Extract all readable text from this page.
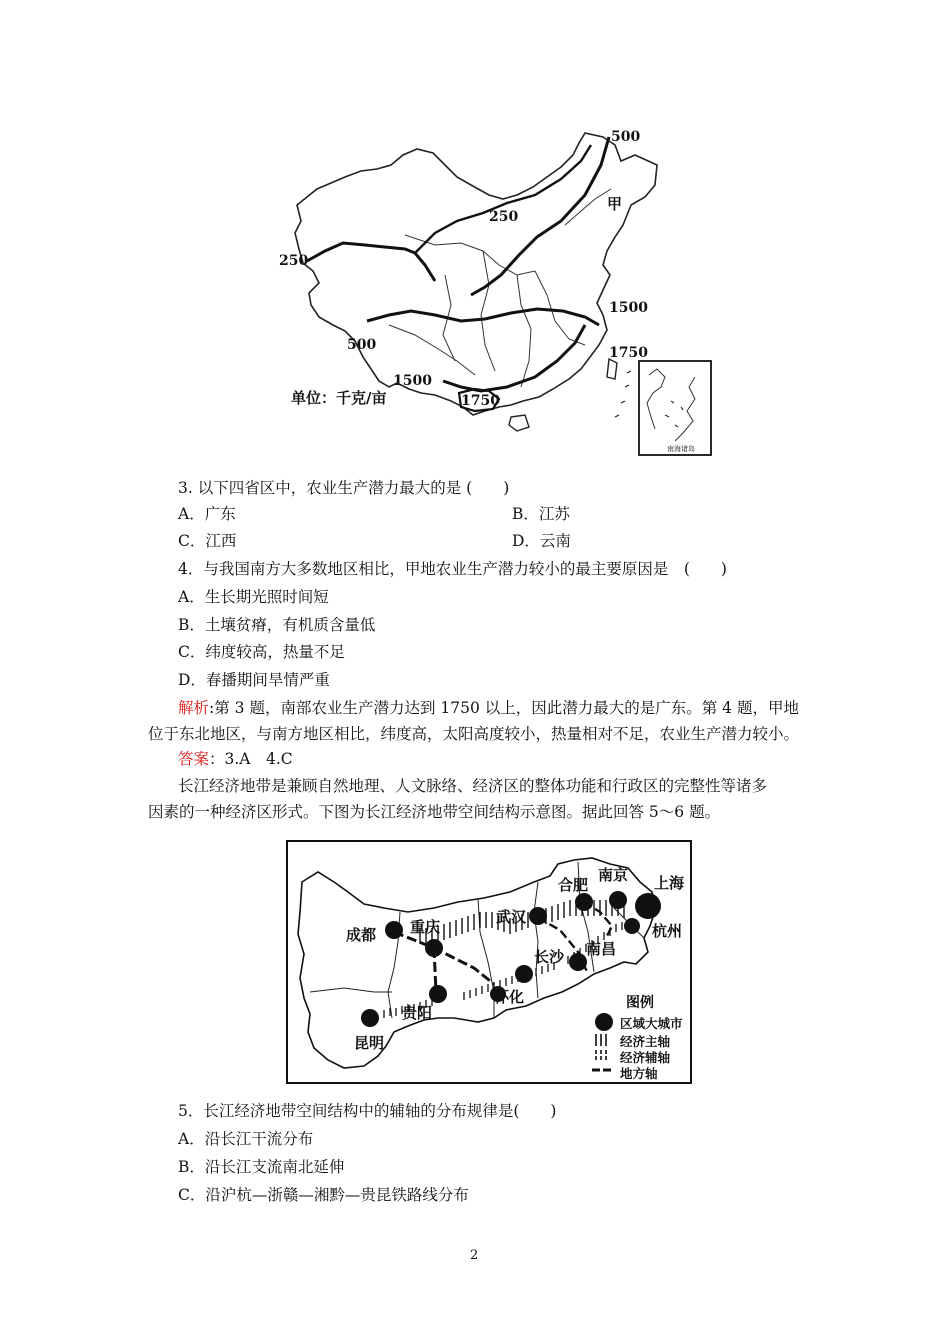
500
250
250
500
1500
1500
1750
1750
甲
单位：千克/亩
南海诸岛
3. 以下四省区中，农业生产潜力最大的是 (　　)
A．广东	B．江苏
C．江西	D．云南
4．与我国南方大多数地区相比，甲地农业生产潜力较小的最主要原因是　(　　)
A．生长期光照时间短
B．土壤贫瘠，有机质含量低
C．纬度较高，热量不足
D．春播期间旱情严重
解析:第 3 题，南部农业生产潜力达到 1750 以上，因此潜力最大的是广东。第 4 题，甲地
位于东北地区，与南方地区相比，纬度高，太阳高度较小，热量相对不足，农业生产潜力较小。
答案：3.A　4.C
长江经济地带是兼顾自然地理、人文脉络、经济区的整体功能和行政区的完整性等诸多
因素的一种经济区形式。下图为长江经济地带空间结构示意图。据此回答 5～6 题。
成都 重庆
武汉
合肥
南京 上海
杭州
长沙 南昌
怀化
贵阳
昆明
图例
区域大城市
经济主轴
经济辅轴
地方轴
5．长江经济地带空间结构中的辅轴的分布规律是(　　)
A．沿长江干流分布
B．沿长江支流南北延伸
C．沿沪杭—浙赣—湘黔—贵昆铁路线分布
2
